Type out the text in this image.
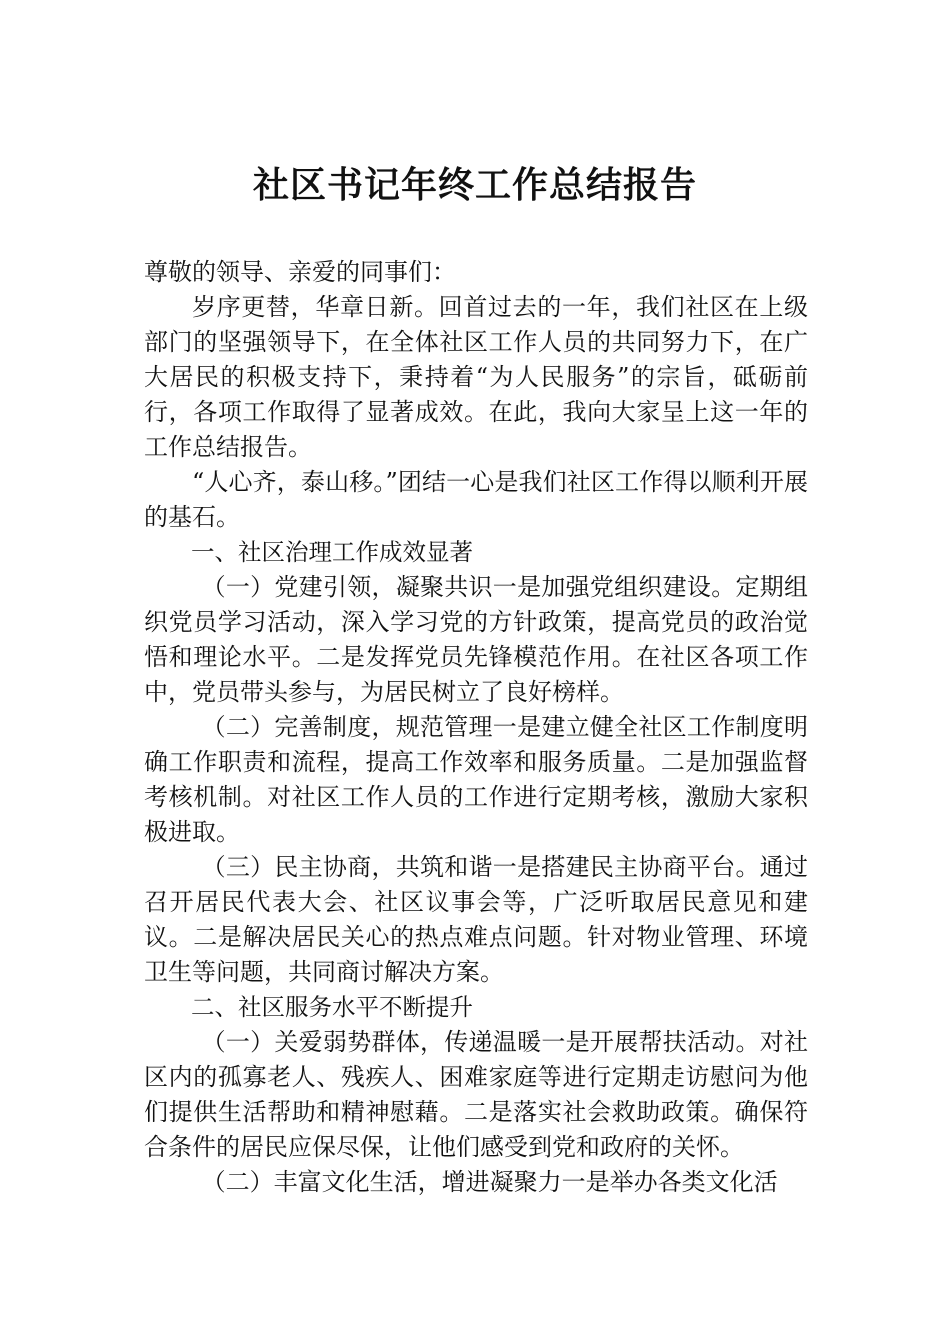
社区书记年终工作总结报告

尊敬的领导、亲爱的同事们：

岁序更替，华章日新。回首过去的一年，我们社区在上级部门的坚强领导下，在全体社区工作人员的共同努力下，在广大居民的积极支持下，秉持着“为人民服务”的宗旨，砥砺前行，各项工作取得了显著成效。在此，我向大家呈上这一年的工作总结报告。

“人心齐，泰山移。”团结一心是我们社区工作得以顺利开展的基石。

一、社区治理工作成效显著

（一）党建引领，凝聚共识一是加强党组织建设。定期组织党员学习活动，深入学习党的方针政策，提高党员的政治觉悟和理论水平。二是发挥党员先锋模范作用。在社区各项工作中，党员带头参与，为居民树立了良好榜样。

（二）完善制度，规范管理一是建立健全社区工作制度明确工作职责和流程，提高工作效率和服务质量。二是加强监督考核机制。对社区工作人员的工作进行定期考核，激励大家积极进取。

（三）民主协商，共筑和谐一是搭建民主协商平台。通过召开居民代表大会、社区议事会等，广泛听取居民意见和建议。二是解决居民关心的热点难点问题。针对物业管理、环境卫生等问题，共同商讨解决方案。

二、社区服务水平不断提升

（一）关爱弱势群体，传递温暖一是开展帮扶活动。对社区内的孤寡老人、残疾人、困难家庭等进行定期走访慰问为他们提供生活帮助和精神慰藉。二是落实社会救助政策。确保符合条件的居民应保尽保，让他们感受到党和政府的关怀。

（二）丰富文化生活，增进凝聚力一是举办各类文化活
